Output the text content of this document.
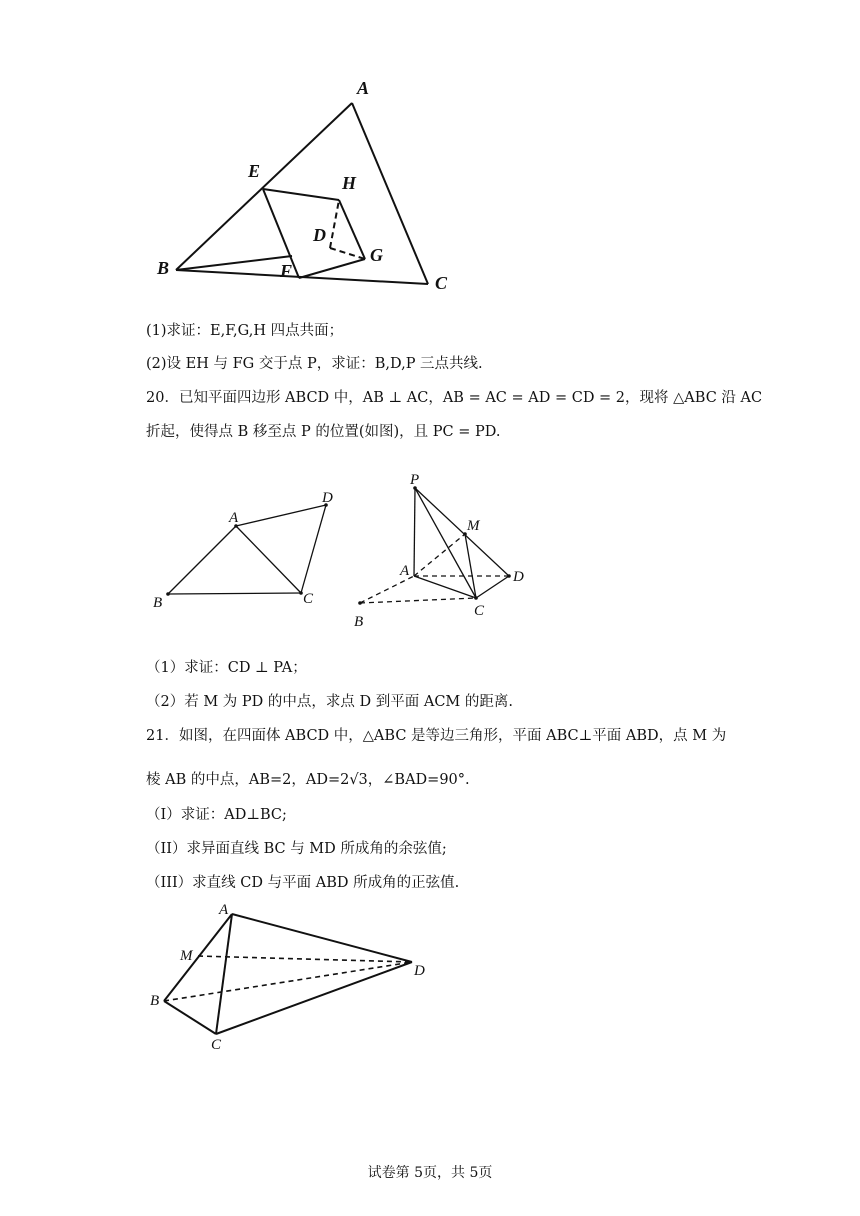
A
E
H
D
G
B	F
C
(1)求证：E,F,G,H 四点共面；
(2)设 EH 与 FG 交于点 P，求证：B,D,P 三点共线.
20．已知平面四边形 ABCD 中，AB ⊥ AC，AB = AC = AD = CD = 2，现将 △ABC 沿 AC
折起，使得点 B 移至点 P 的位置(如图)，且 PC = PD.
A
D
B	C
P
M
A	D
C
B
（1）求证：CD ⊥ PA；
（2）若 M 为 PD 的中点，求点 D 到平面 ACM 的距离.
21．如图，在四面体 ABCD 中，△ABC 是等边三角形，平面 ABC⊥平面 ABD，点 M 为
棱 AB 的中点，AB=2，AD=2√3，∠BAD=90°.
（I）求证：AD⊥BC;
（II）求异面直线 BC 与 MD 所成角的余弦值;
（III）求直线 CD 与平面 ABD 所成角的正弦值.
A
M
D
B
C
试卷第 5页，共 5页
